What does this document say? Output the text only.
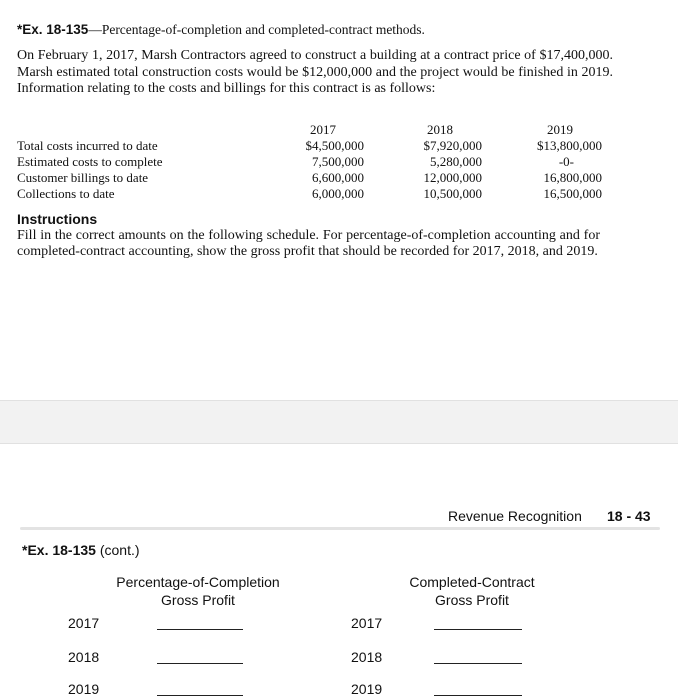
*Ex. 18-135—Percentage-of-completion and completed-contract methods.
On February 1, 2017, Marsh Contractors agreed to construct a building at a contract price of $17,400,000. Marsh estimated total construction costs would be $12,000,000 and the project would be finished in 2019. Information relating to the costs and billings for this contract is as follows:
Total costs incurred to date
Estimated costs to complete
Customer billings to date
Collections to date
2017
$4,500,000
7,500,000
6,600,000
6,000,000
2018
$7,920,000
5,280,000
12,000,000
10,500,000
2019
$13,800,000
-0-
16,800,000
16,500,000
Instructions
Fill in the correct amounts on the following schedule. For percentage-of-completion accounting and for completed-contract accounting, show the gross profit that should be recorded for 2017, 2018, and 2019.
Revenue Recognition 18 - 43
*Ex. 18-135 (cont.)
Percentage-of-Completion
Gross Profit
Completed-Contract
Gross Profit
2017
2018
2019
2017
2018
2019
